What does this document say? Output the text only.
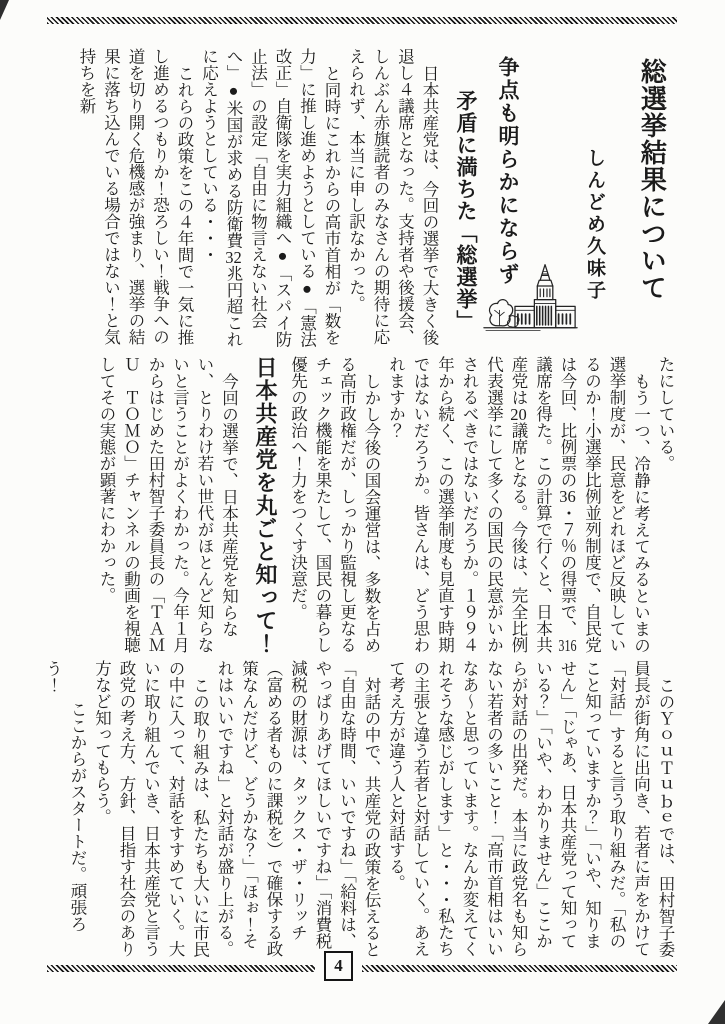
総選挙結果について
しんどめ久味子
争点も明らかにならず
矛盾に満ちた「総選挙」

日本共産党は、今回の選挙で大きく後退し４議席となった。支持者や後援会、しんぶん赤旗読者のみなさんの期待に応えられず、本当に申し訳なかった。

と同時にこれからの高市首相が「数を力」に推し進めようとしている●「憲法改正」自衛隊を実力組織へ●「スパイ防止法」の設定「自由に物言えない社会へ」●米国が求める防衛費32兆円超これに応えようとしている・・・

これらの政策をこの４年間で一気に推し進めるつもりか！恐ろしい！戦争への道を切り開く危機感が強まり、選挙の結果に落ち込んでいる場合ではない！と気持ちを新

たにしている。

もう一つ、冷静に考えてみるといまの選挙制度が、民意をどれほど反映しているのか！小選挙比例並列制度で、自民党は今回、比例票の36・７％の得票で、316議席を得た。この計算で行くと、日本共産党は20議席となる。今後は、完全比例代表選挙にして多くの国民の民意がいかされるべきではないだろうか。１９９４年から続く、この選挙制度も見直す時期ではないだろうか。皆さんは、どう思われますか？

しかし今後の国会運営は、多数を占める高市政権だが、しっかり監視し更なるチェック機能を果たして、国民の暮らし優先の政治へ！力をつくす決意だ。

日本共産党を丸ごと知って！

今回の選挙で、日本共産党を知らない、とりわけ若い世代がほとんど知らないと言うことがよくわかった。今年１月からはじめた田村智子委員長の「ＴＡＭＵ　ＴＯＭＯ」チャンネルの動画を視聴してその実態が顕著にわかった。

このＹｏｕＴｕｂｅでは、田村智子委員長が街角に出向き、若者に声をかけて「対話」すると言う取り組みだ。「私のこと知っていますか？」「いや、知りません」「じゃあ、日本共産党って知っている？」「いや、わかりません」ここからが対話の出発だ。本当に政党名も知らない若者の多いこと！「高市首相はいいなあ〜と思っています。なんか変えてくれそうな感じがします」と・・・私たちの主張と違う若者と対話していく。あえて考え方が違う人と対話する。

対話の中で、共産党の政策を伝えると「自由な時間、いいですね」「給料は、やっぱりあげてほしいですね」「消費税減税の財源は、タックス・ザ・リッチ（富める者ものに課税を）で確保する政策なんだけど、どうかな？」「ほぉ！それはいいですね」と対話が盛り上がる。

この取り組みは、私たちも大いに市民の中に入って、対話をすすめていく。大いに取り組んでいき、日本共産党と言う政党の考え方、方針、目指す社会のあり方など知ってもらう。

ここからがスタートだ。頑張ろう！

4
